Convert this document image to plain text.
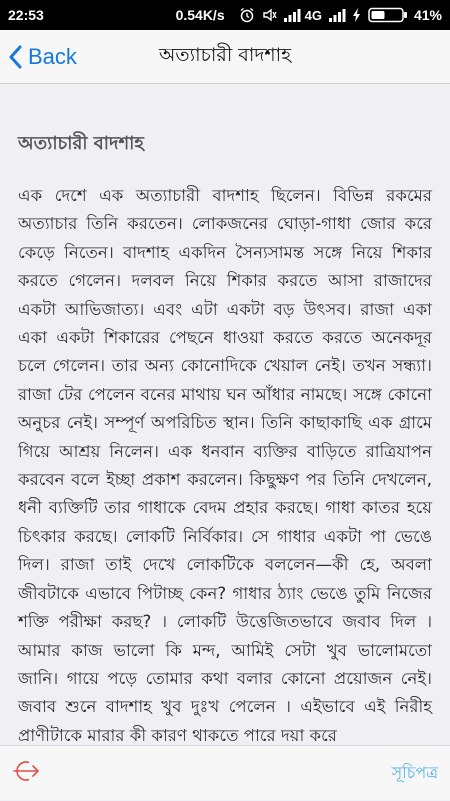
22:53	0.54K/s	4G	41%
Back	অত্যাচারী বাদশাহ
অত্যাচারী বাদশাহ

এক দেশে এক অত্যাচারী বাদশাহ ছিলেন। বিভিন্ন রকমের অত্যাচার তিনি করতেন। লোকজনের ঘোড়া-গাধা জোর করে কেড়ে নিতেন। বাদশাহ একদিন সৈন্যসামন্ত সঙ্গে নিয়ে শিকার করতে গেলেন। দলবল নিয়ে শিকার করতে আসা রাজাদের একটা আভিজাত্য। এবং এটা একটা বড় উৎসব। রাজা একা একা একটা শিকারের পেছনে ধাওয়া করতে করতে অনেকদূর চলে গেলেন। তার অন্য কোনোদিকে খেয়াল নেই। তখন সন্ধ্যা। রাজা টের পেলেন বনের মাথায় ঘন আঁধার নামছে। সঙ্গে কোনো অনুচর নেই। সম্পূর্ণ অপরিচিত স্থান। তিনি কাছাকাছি এক গ্রামে গিয়ে আশ্রয় নিলেন। এক ধনবান ব্যক্তির বাড়িতে রাত্রিযাপন করবেন বলে ইচ্ছা প্রকাশ করলেন। কিছুক্ষণ পর তিনি দেখলেন, ধনী ব্যক্তিটি তার গাধাকে বেদম প্রহার করছে। গাধা কাতর হয়ে চিৎকার করছে। লোকটি নির্বিকার। সে গাধার একটা পা ভেঙে দিল। রাজা তাই দেখে লোকটিকে বললেন—কী হে, অবলা জীবটাকে এভাবে পিটাচ্ছ কেন? গাধার ঠ্যাং ভেঙে তুমি নিজের শক্তি পরীক্ষা করছ? । লোকটি উত্তেজিতভাবে জবাব দিল । আমার কাজ ভালো কি মন্দ, আমিই সেটা খুব ভালোমতো জানি। গায়ে পড়ে তোমার কথা বলার কোনো প্রয়োজন নেই। জবাব শুনে বাদশাহ খুব দুঃখ পেলেন । এইভাবে এই নিরীহ প্রাণীটাকে মারার কী কারণ থাকতে পারে দয়া করে

সূচিপত্র
